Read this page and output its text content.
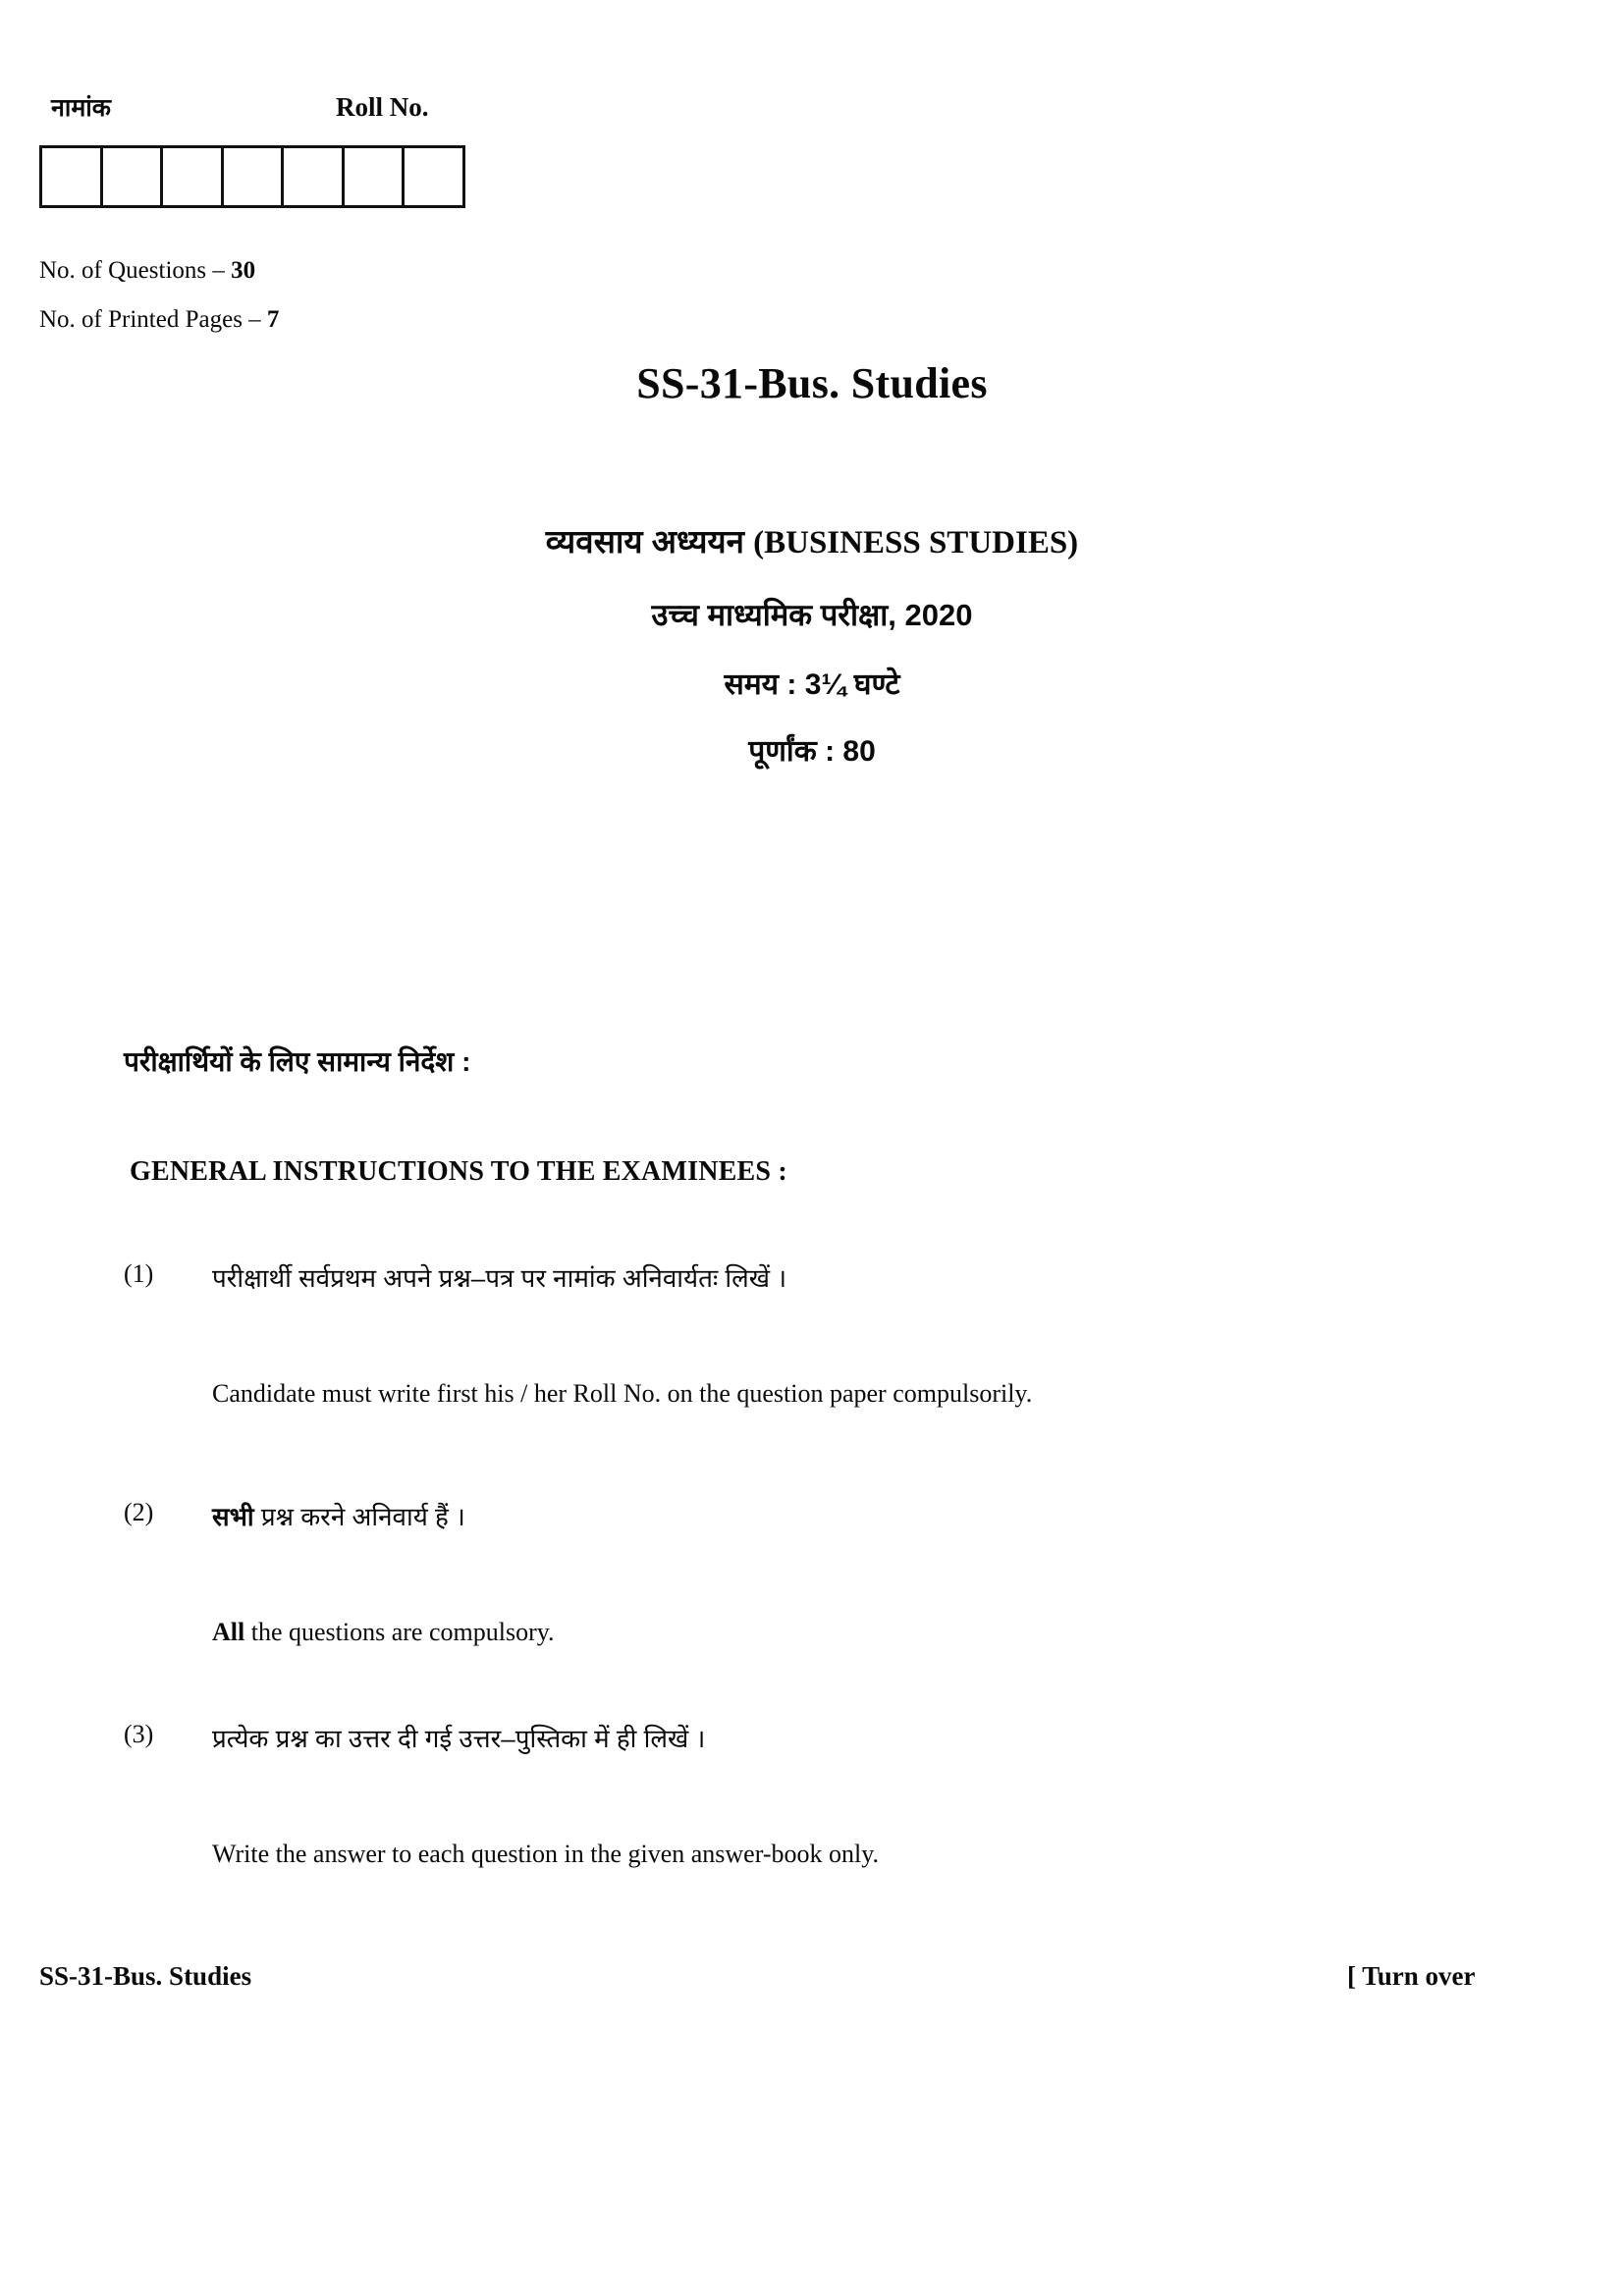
नामांक	Roll No.
No. of Questions – 30
No. of Printed Pages – 7
SS-31-Bus. Studies
व्यवसाय अध्ययन (BUSINESS STUDIES)
उच्च माध्यमिक परीक्षा, 2020
समय : 3¼ घण्टे
पूर्णांक : 80
परीक्षार्थियों के लिए सामान्य निर्देश :
GENERAL INSTRUCTIONS TO THE EXAMINEES :
(1)	परीक्षार्थी सर्वप्रथम अपने प्रश्न–पत्र पर नामांक अनिवार्यतः लिखें ।
Candidate must write first his / her Roll No. on the question paper compulsorily.
(2)	सभी प्रश्न करने अनिवार्य हैं ।
All the questions are compulsory.
(3)	प्रत्येक प्रश्न का उत्तर दी गई उत्तर–पुस्तिका में ही लिखें ।
Write the answer to each question in the given answer-book only.
SS-31-Bus. Studies	[ Turn over
